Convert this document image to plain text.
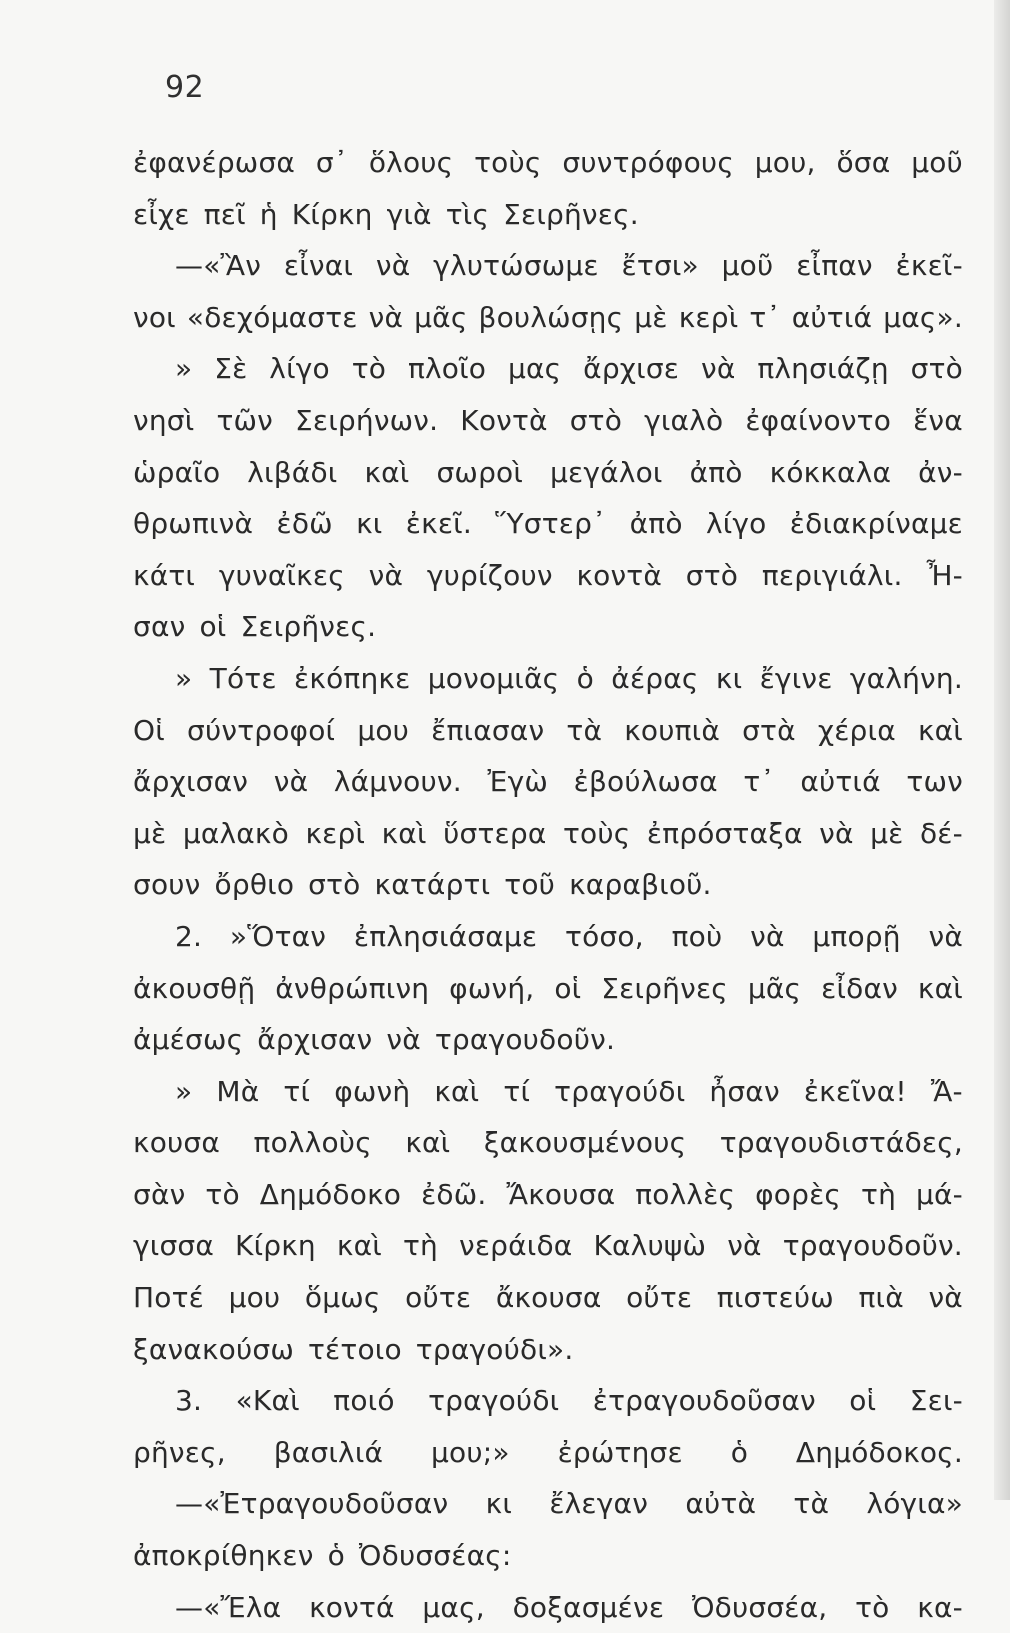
92
ἐφανέρωσα σ᾽ ὅλους τοὺς συντρόφους μου, ὅσα μοῦ
εἶχε πεῖ ἡ Κίρκη γιὰ τὶς Σειρῆνες.
—«Ἂν εἶναι νὰ γλυτώσωμε ἔτσι» μοῦ εἶπαν ἐκεῖ-
νοι «δεχόμαστε νὰ μᾶς βουλώσῃς μὲ κερὶ τ᾽ αὐτιά μας».
» Σὲ λίγο τὸ πλοῖο μας ἄρχισε νὰ πλησιάζῃ στὸ
νησὶ τῶν Σειρήνων. Κοντὰ στὸ γιαλὸ ἐφαίνοντο ἕνα
ὡραῖο λιβάδι καὶ σωροὶ μεγάλοι ἀπὸ κόκκαλα ἀν-
θρωπινὰ ἐδῶ κι ἐκεῖ. Ὕστερ᾽ ἀπὸ λίγο ἐδιακρίναμε
κάτι γυναῖκες νὰ γυρίζουν κοντὰ στὸ περιγιάλι. Ἦ-
σαν οἱ Σειρῆνες.
» Τότε ἐκόπηκε μονομιᾶς ὁ ἀέρας κι ἔγινε γαλήνη.
Οἱ σύντροφοί μου ἔπιασαν τὰ κουπιὰ στὰ χέρια καὶ
ἄρχισαν νὰ λάμνουν. Ἐγὼ ἐβούλωσα τ᾽ αὐτιά των
μὲ μαλακὸ κερὶ καὶ ὕστερα τοὺς ἐπρόσταξα νὰ μὲ δέ-
σουν ὄρθιο στὸ κατάρτι τοῦ καραβιοῦ.
2. »Ὅταν ἐπλησιάσαμε τόσο, ποὺ νὰ μπορῇ νὰ
ἀκουσθῇ ἀνθρώπινη φωνή, οἱ Σειρῆνες μᾶς εἶδαν καὶ
ἀμέσως ἄρχισαν νὰ τραγουδοῦν.
» Μὰ τί φωνὴ καὶ τί τραγούδι ἦσαν ἐκεῖνα! Ἄ-
κουσα πολλοὺς καὶ ξακουσμένους τραγουδιστάδες,
σὰν τὸ Δημόδοκο ἐδῶ. Ἄκουσα πολλὲς φορὲς τὴ μά-
γισσα Κίρκη καὶ τὴ νεράιδα Καλυψὼ νὰ τραγουδοῦν.
Ποτέ μου ὅμως οὔτε ἄκουσα οὔτε πιστεύω πιὰ νὰ
ξανακούσω τέτοιο τραγούδι».
3. «Καὶ ποιό τραγούδι ἐτραγουδοῦσαν οἱ Σει-
ρῆνες, βασιλιά μου;» ἐρώτησε ὁ Δημόδοκος.
—«Ἐτραγουδοῦσαν κι ἔλεγαν αὐτὰ τὰ λόγια»
ἀποκρίθηκεν ὁ Ὀδυσσέας:
—«Ἔλα κοντά μας, δοξασμένε Ὀδυσσέα, τὸ κα-
